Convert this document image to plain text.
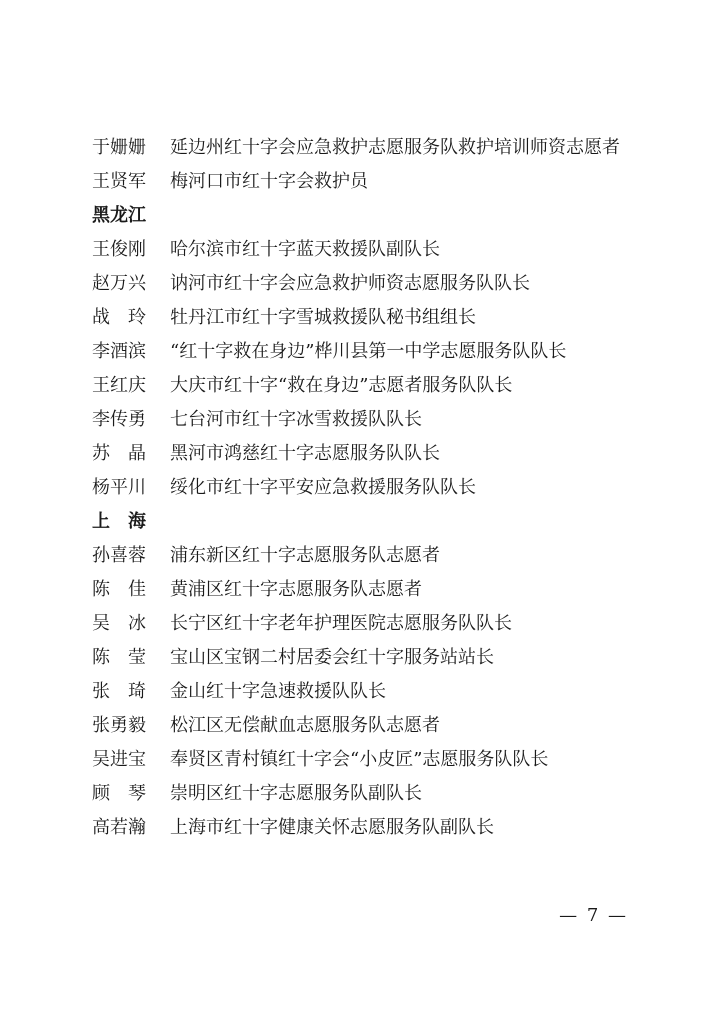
于姗姗	延边州红十字会应急救护志愿服务队救护培训师资志愿者
王贤军	梅河口市红十字会救护员
黑龙江
王俊刚	哈尔滨市红十字蓝天救援队副队长
赵万兴	讷河市红十字会应急救护师资志愿服务队队长
战　玲	牡丹江市红十字雪城救援队秘书组组长
李酒滨	“红十字救在身边”桦川县第一中学志愿服务队队长
王红庆	大庆市红十字“救在身边”志愿者服务队队长
李传勇	七台河市红十字冰雪救援队队长
苏　晶	黑河市鸿慈红十字志愿服务队队长
杨平川	绥化市红十字平安应急救援服务队队长
上　海
孙喜蓉	浦东新区红十字志愿服务队志愿者
陈　佳	黄浦区红十字志愿服务队志愿者
吴　冰	长宁区红十字老年护理医院志愿服务队队长
陈　莹	宝山区宝钢二村居委会红十字服务站站长
张　琦	金山红十字急速救援队队长
张勇毅	松江区无偿献血志愿服务队志愿者
吴进宝	奉贤区青村镇红十字会“小皮匠”志愿服务队队长
顾　琴	崇明区红十字志愿服务队副队长
高若瀚	上海市红十字健康关怀志愿服务队副队长
— 7 —
